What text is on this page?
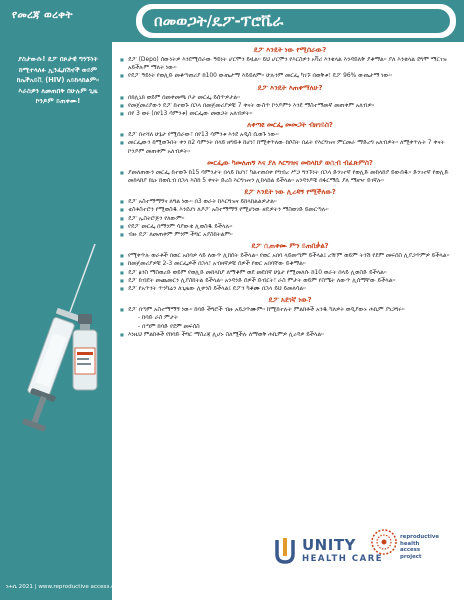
የመረጃ ወረቀት	በመወጋት/ዴፖ-ፕሮቬራ
ያስታውሱ! ዴፖ በጾታዊ ግንኙነት ከሚተላለፉ ኢንፌክሽኖች ወይም ከኤችአይቪ (HIV) አይከላከልም። እራስዎን ለመጠበቅ በሁሉም ጊዜ ኮንዶም ይጠቀሙ!
ነሐሴ 2021 | www.reproductive access.org
ዴፖ እንዴት ነው የሚሰራው?
■ ዴፖ (Depo) ሰውነትዎ እንደሚሰራው ዓይነት ሆርሞን ይዟል። ይህ ሆርሞን የእርስዎን ኦቫሪ እንቁላል እንዳይለቅ ያቆማል። ያለ እንቁላል ደግሞ ማርገዝ አይችሉም ማለት ነው።
■ የዴፖ ዓይነት የወሊድ መቆጣጠሪያ ከ100 ውጤታማ እይይለም። ሁሉንም መርፌ ካገኙ በወቅቱ፣ ዴፖ 96% ውጤታማ ነው።
ዴፖ እንዴት እጠቀማለሁ?
■ በክሊኒክ ወይም በመቀመጫ ቦታ መርፌ ይሰጥዎታል።
■ የመጀመሪያውን ዴፖ ከተወጉ በኋላ በመጀመሪያዎቹ 7 ቀናት ውስጥ ኮንዶምን እንደ ማስተማመኛ መጠቀም አለብዎ።
■ በየ 3 ወሩ (በየ13 ሳምንቱ) መርፌው መወጋት አለብዎት።
ለቀጣዩ መርፌ መመጋት ብዘገይስ?
■ ዴፖ በተሻለ ሁኔታ የሚሰራው፣ በየ13 ሳምንቱ እንደ አዲስ ሲወጉ ነው።
■ መርፌውን ከሚወጉበት ቀን ከ2 ሳምንት በላይ ዘግይቶ ከሆነ፣ ከሚቀጥለው ከሶስት በፊት የእርግዝና ምርመራ ማድረግ አለብዎት። ለሚቀጥሉት 7 ቀናት ኮንዶም መጠቀም አለብዎት።
መርፌው ካመለጠኝ እና ያለ እርግዝና መከላከያ ወሲብ ብፈጽምስ?
■ ያመለጠውን መርፌ ከተወጉ ከ15 ሳምንታት በላይ ከሆነ፣ ካልተጠበቀ የግብረ ሥጋ ግንኙነት በኋላ ድንገተኛ የወሊድ መከላከያ ይውሰዱ። ድንገተኛ የወሊድ መከላከያ ክኒኑ ከወሲብ በኋላ እስከ 5 ቀናት ድረስ እርግዝናን ሊከላከል ይችላል። አንዳንዶቹ በፋርማሲ ያለ ማዘዣ ይገኛሉ።
ዴፖ እንዴት ነው ሊረዳኝ የሚችለው?
■ ዴፖ አስተማማኝና ለግል ነው። በ3 ወራት ከእርግዝና ይከላከልልዎታል።
■ ቴስቶስተሮን የሚወስዱ እንደሆነ ለዶፖ አስተማማኝ የሚሆነው ዘዴዎትን ማስወገድ ይመርጣሉ።
■ ዴፖ ኢስትሮጅን የለውም።
■ የዴፖ መርፌ በማንም ሳያውቁ ሊወስዱ ይችላሉ።
■ ብዙ ዴፖ ለመጠቀም ምንም ችግር አያስከትልም።
ዴፖ ሲጠቀሙ ምን ይጠበቃል?
■ የሚቀጥሉ ወራቶች በወር አበባዎ ላይ ለውጥ ሊከሰት ይችላል። የወር አበባ ላይመጣም ይችላል፤ ረዥም ወይም ትንሽ የደም መፍሰስ ሊያጋጥምዎ ይችላል።
■ ከመጀመሪያዎቹ 2-3 መርፌዎች በኋላ፣ አብዛኛዎቹ ሰዎች የወር አበባቸው ይቆማል።
■ ዴፖ ፅንስ ማስወረድ ወይም የወሊድ መከላከያ ለማቆም ወደ መደበኛ ሁኔታ የሚመለሱ ከ10 ወራት በላይ ሊወስድ ይችላል።
■ ዴፖ ክብደት መጨመርን ሊያስከትል ይችላል። አንዳንድ ሰዎች ድብርት፣ ራስ ምታት ወይም የስሜት ለውጥ ሊሰማቸው ይችላል።
■ ዴፖ የአጥንት ጥንካሬን ለጊዜው ሊቀንስ ይችላል፤ ዴፖን ካቆሙ በኋላ ይህ ይመለሳል።
ዴፖ አደገኛ ነው?
■ ዴፖ በጣም አስተማማኝ ነው። ከባድ ችግሮች ብዙ አይጋጥሙም። ከሚከተሉት ምልክቶች አንዱ ካለዎት ወዲያውኑ ሐኪም ያነጋግሩ።
- ከባድ ራስ ምታት
- በጣም ከባድ የደም መፍሰስ
■ እነዚህ ምልክቶች የከባድ ችግር ማስረጃ ሊሆኑ ስለሚችሉ ለማወቅ ሐኪምዎ ሊረዳዎ ይችላል።
UNITY
HEALTH CARE
reproductive
health
access
project
